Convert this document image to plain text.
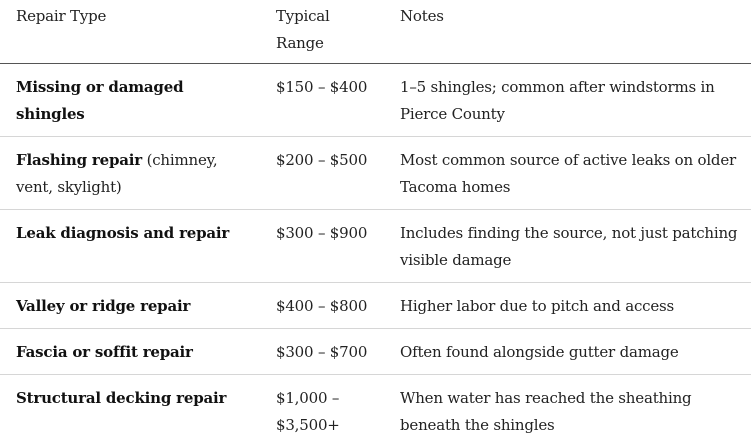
Repair Type	Typical Range	Notes
Missing or damaged shingles	$150 – $400	1–5 shingles; common after windstorms in Pierce County
Flashing repair (chimney, vent, skylight)	$200 – $500	Most common source of active leaks on older Tacoma homes
Leak diagnosis and repair	$300 – $900	Includes finding the source, not just patching visible damage
Valley or ridge repair	$400 – $800	Higher labor due to pitch and access
Fascia or soffit repair	$300 – $700	Often found alongside gutter damage
Structural decking repair	$1,000 – $3,500+	When water has reached the sheathing beneath the shingles
